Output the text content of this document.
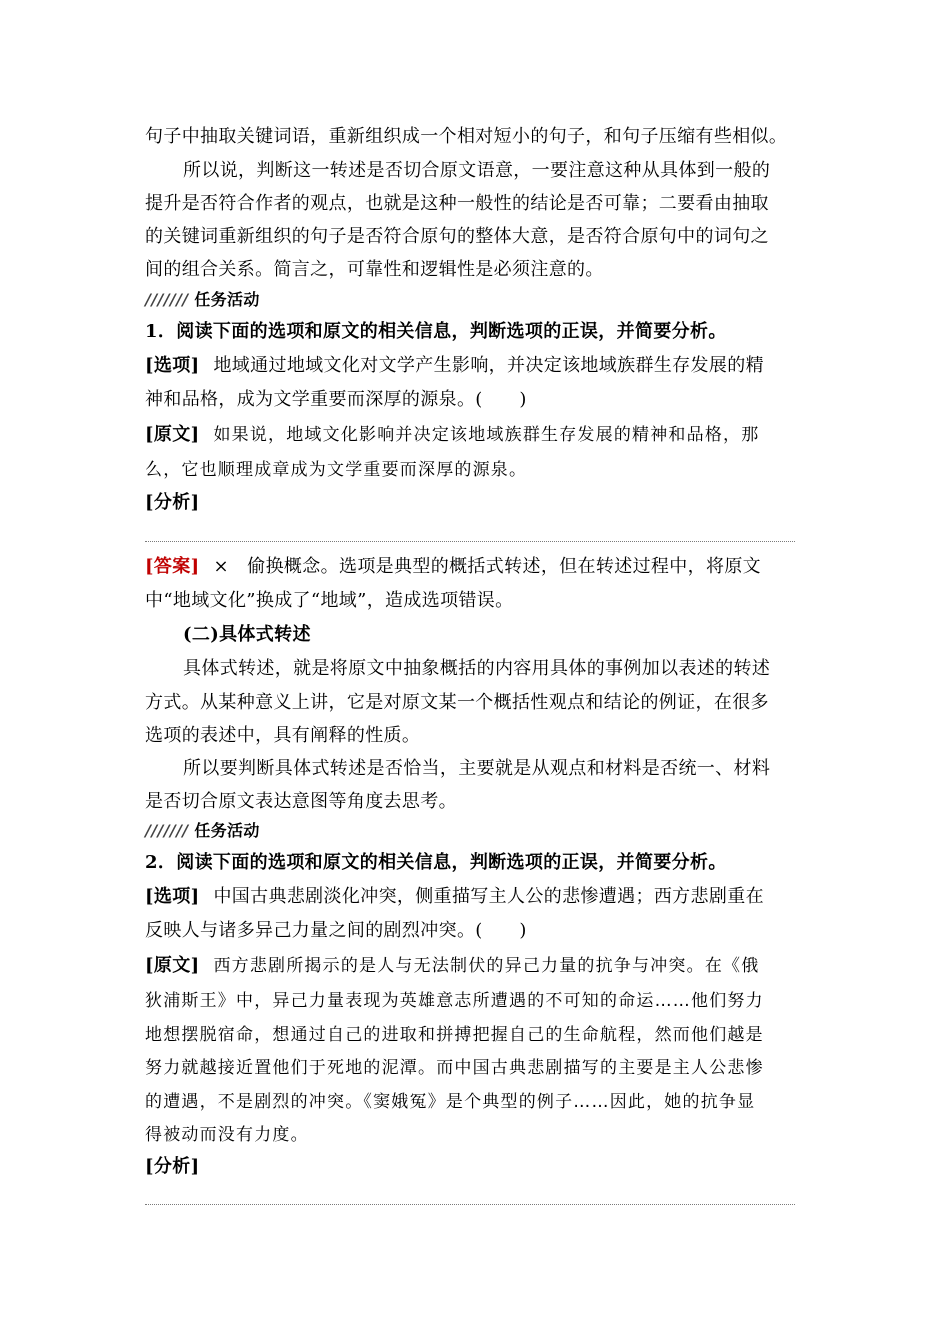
句子中抽取关键词语，重新组织成一个相对短小的句子，和句子压缩有些相似。
所以说，判断这一转述是否切合原文语意，一要注意这种从具体到一般的
提升是否符合作者的观点，也就是这种一般性的结论是否可靠；二要看由抽取
的关键词重新组织的句子是否符合原句的整体大意，是否符合原句中的词句之
间的组合关系。简言之，可靠性和逻辑性是必须注意的。
/////// 任务活动
1．阅读下面的选项和原文的相关信息，判断选项的正误，并简要分析。
[选项] 地域通过地域文化对文学产生影响，并决定该地域族群生存发展的精
神和品格，成为文学重要而深厚的源泉。(　　)
[原文] 如果说，地域文化影响并决定该地域族群生存发展的精神和品格，那
么，它也顺理成章成为文学重要而深厚的源泉。
[分析]
[答案] ×　偷换概念。选项是典型的概括式转述，但在转述过程中，将原文
中“地域文化”换成了“地域”，造成选项错误。
(二)具体式转述
具体式转述，就是将原文中抽象概括的内容用具体的事例加以表述的转述
方式。从某种意义上讲，它是对原文某一个概括性观点和结论的例证，在很多
选项的表述中，具有阐释的性质。
所以要判断具体式转述是否恰当，主要就是从观点和材料是否统一、材料
是否切合原文表达意图等角度去思考。
/////// 任务活动
2．阅读下面的选项和原文的相关信息，判断选项的正误，并简要分析。
[选项] 中国古典悲剧淡化冲突，侧重描写主人公的悲惨遭遇；西方悲剧重在
反映人与诸多异己力量之间的剧烈冲突。(　　)
[原文] 西方悲剧所揭示的是人与无法制伏的异己力量的抗争与冲突。在《俄
狄浦斯王》中，异己力量表现为英雄意志所遭遇的不可知的命运……他们努力
地想摆脱宿命，想通过自己的进取和拼搏把握自己的生命航程，然而他们越是
努力就越接近置他们于死地的泥潭。而中国古典悲剧描写的主要是主人公悲惨
的遭遇，不是剧烈的冲突。《窦娥冤》是个典型的例子……因此，她的抗争显
得被动而没有力度。
[分析]
